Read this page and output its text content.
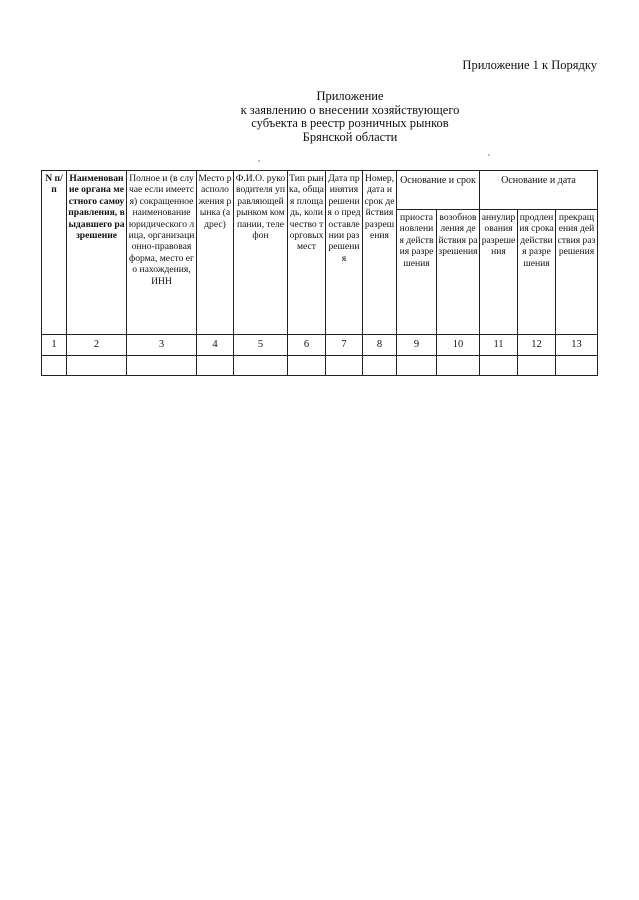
Приложение 1 к Порядку
Приложение
к заявлению о внесении хозяйствующего
субъекта в реестр розничных рынков
Брянской области
N п/п	Наименование органа местного самоуправления, выдавшего разрешение	Полное и (в случае если имеется) сокращенное наименование юридического лица, организационно-правовая форма, место его нахождения, ИНН	Место расположения рынка (адрес)	Ф.И.О. руководителя управляющей рынком компании, телефон	Тип рынка, общая площадь, количество торговых мест	Дата принятия решения о предоставлении разрешения	Номер, дата и срок действия разрешения	Основание и срок		Основание и дата		
								приостановления действия разрешения	возобновления действия разрешения	аннулирования разрешения	продления срока действия разрешения	прекращения действия разрешения
1	2	3	4	5	6	7	8	9	10	11	12	13
